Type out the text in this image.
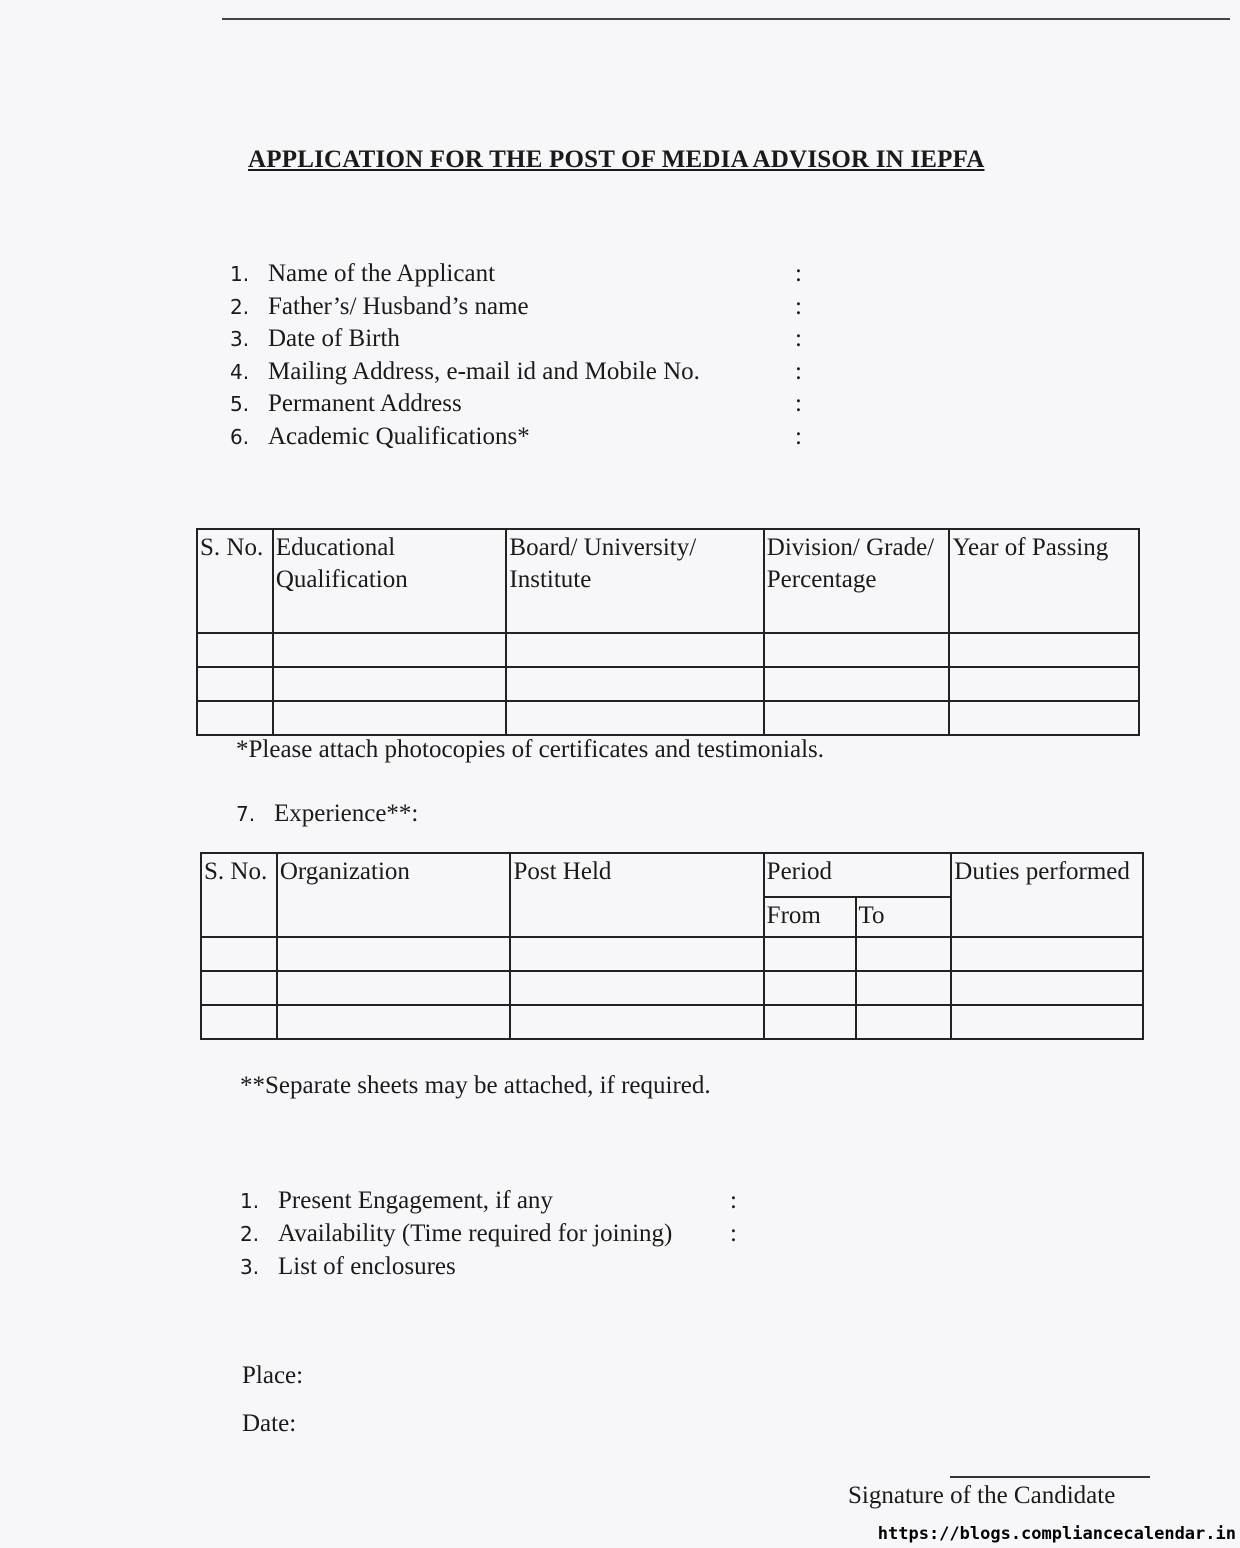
APPLICATION FOR THE POST OF MEDIA ADVISOR IN IEPFA
1. Name of the Applicant	:
2. Father’s/ Husband’s name	:
3. Date of Birth	:
4. Mailing Address, e-mail id and Mobile No.	:
5. Permanent Address	:
6. Academic Qualifications*	:
S. No.	Educational Qualification	Board/ University/ Institute	Division/ Grade/ Percentage	Year of Passing

*Please attach photocopies of certificates and testimonials.
7. Experience**:
S. No.	Organization	Post Held	Period		Duties performed
			From	To	

**Separate sheets may be attached, if required.
1. Present Engagement, if any	:
2. Availability (Time required for joining) :
3. List of enclosures
Place:
Date:
Signature of the Candidate
https://blogs.compliancecalendar.in
